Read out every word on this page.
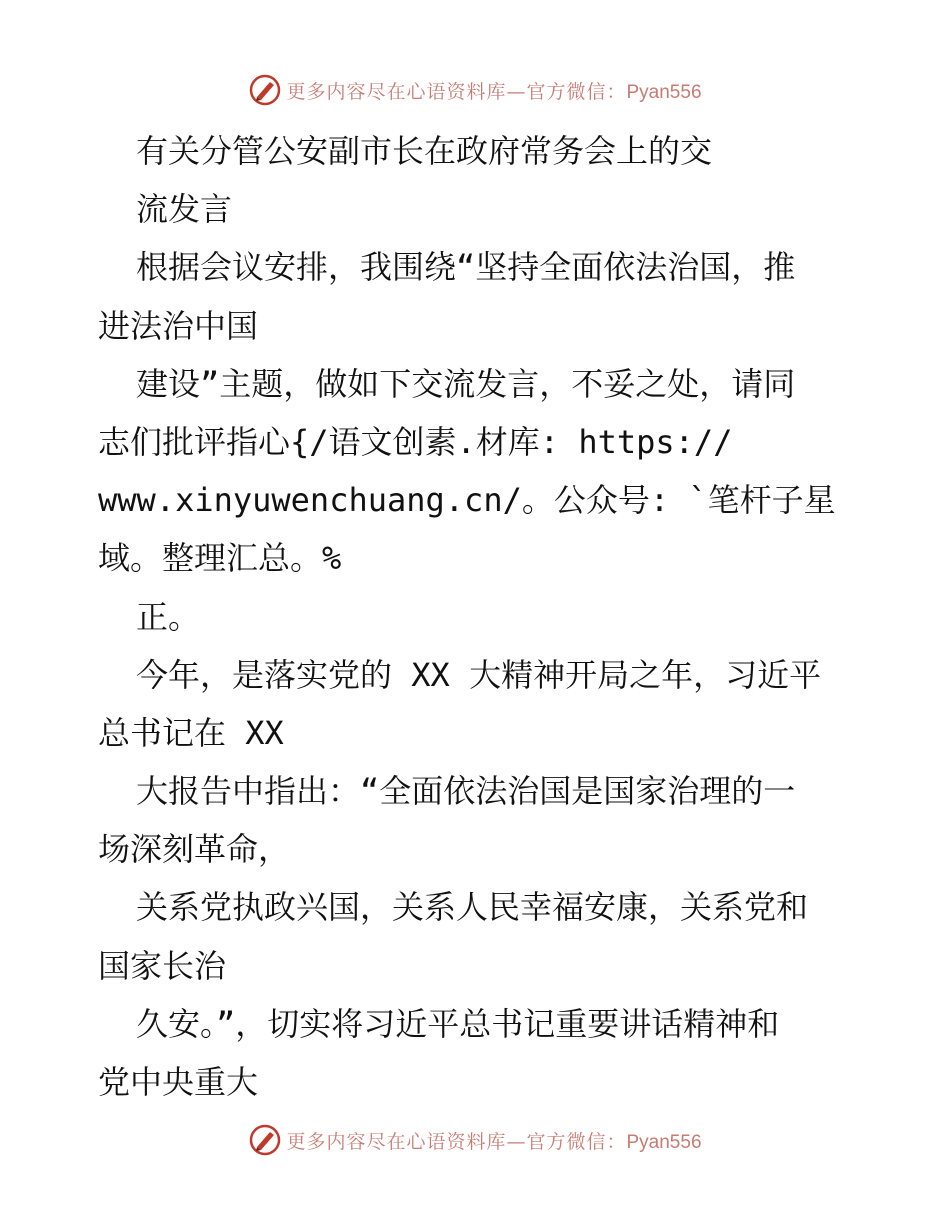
更多内容尽在心语资料库—官方微信：Pyan556
有关分管公安副市长在政府常务会上的交
流发言
根据会议安排，我围绕“坚持全面依法治国，推
进法治中国
建设”主题，做如下交流发言，不妥之处，请同
志们批评指心{/语文创素.材库: https://
www.xinyuwenchuang.cn/。公众号: `笔杆子星
域。整理汇总。%
正。
今年，是落实党的 XX 大精神开局之年，习近平
总书记在 XX
大报告中指出：“全面依法治国是国家治理的一
场深刻革命，
关系党执政兴国，关系人民幸福安康，关系党和
国家长治
久安。”，切实将习近平总书记重要讲话精神和
党中央重大
更多内容尽在心语资料库—官方微信：Pyan556
